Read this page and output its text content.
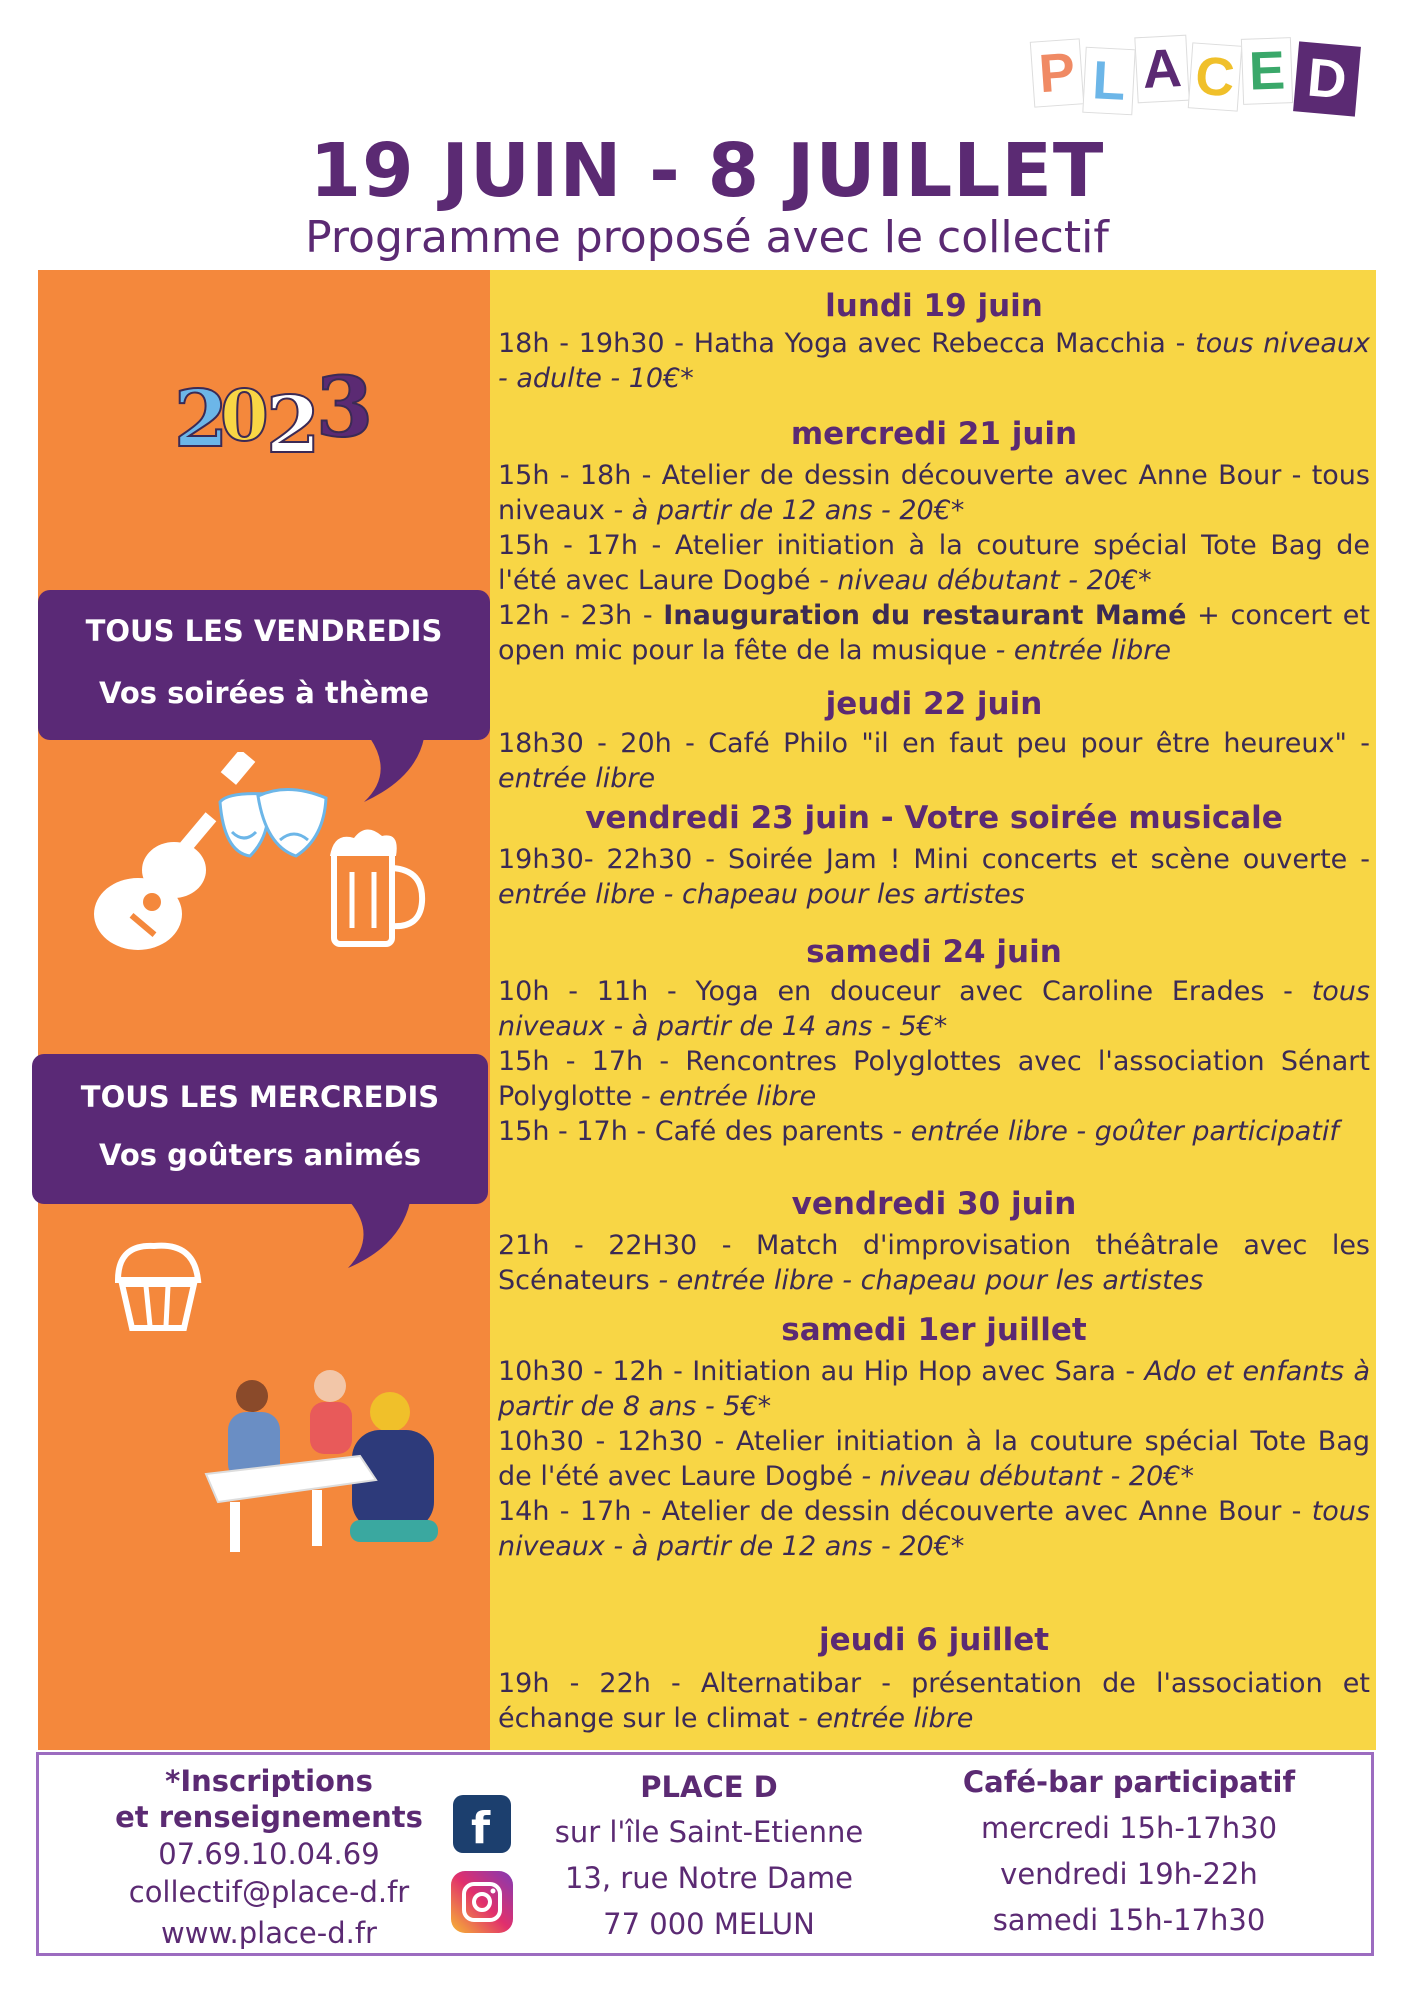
P L A C E D
19 JUIN - 8 JUILLET
Programme proposé avec le collectif
2
0
2
3
TOUS LES VENDREDIS
Vos soirées à thème
TOUS LES MERCREDIS
Vos goûters animés
lundi 19 juin
18h - 19h30 - Hatha Yoga avec Rebecca Macchia - tous niveaux - adulte - 10€*
mercredi 21 juin
15h - 18h - Atelier de dessin découverte avec Anne Bour - tous niveaux - à partir de 12 ans - 20€*
15h - 17h - Atelier initiation à la couture spécial Tote Bag de l'été avec Laure Dogbé - niveau débutant - 20€*
12h - 23h - Inauguration du restaurant Mamé + concert et open mic pour la fête de la musique - entrée libre
jeudi 22 juin
18h30 - 20h - Café Philo "il en faut peu pour être heureux" - entrée libre
vendredi 23 juin - Votre soirée musicale
19h30- 22h30 - Soirée Jam ! Mini concerts et scène ouverte - entrée libre - chapeau pour les artistes
samedi 24 juin
10h - 11h - Yoga en douceur avec Caroline Erades - tous niveaux - à partir de 14 ans - 5€*
15h - 17h - Rencontres Polyglottes avec l'association Sénart Polyglotte - entrée libre
15h - 17h - Café des parents - entrée libre - goûter participatif
vendredi 30 juin
21h - 22H30 - Match d'improvisation théâtrale avec les Scénateurs - entrée libre - chapeau pour les artistes
samedi 1er juillet
10h30 - 12h - Initiation au Hip Hop avec Sara - Ado et enfants à partir de 8 ans - 5€*
10h30 - 12h30 - Atelier initiation à la couture spécial Tote Bag de l'été avec Laure Dogbé - niveau débutant - 20€*
14h - 17h - Atelier de dessin découverte avec Anne Bour - tous niveaux - à partir de 12 ans - 20€*
jeudi 6 juillet
19h - 22h - Alternatibar - présentation de l'association et échange sur le climat - entrée libre
*Inscriptions
et renseignements
07.69.10.04.69
collectif@place-d.fr
www.place-d.fr
f
PLACE D
sur l'île Saint-Etienne
13, rue Notre Dame
77 000 MELUN
Café-bar participatif
mercredi 15h-17h30
vendredi 19h-22h
samedi 15h-17h30
